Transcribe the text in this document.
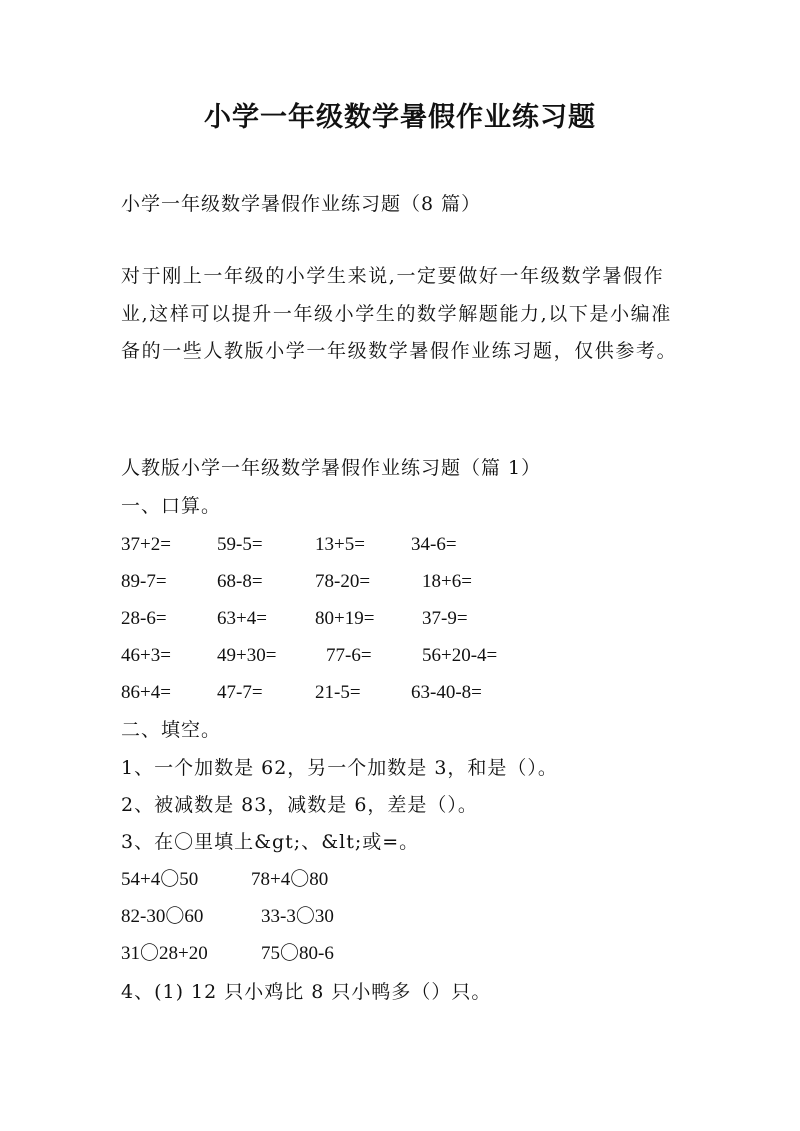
小学一年级数学暑假作业练习题
小学一年级数学暑假作业练习题（8 篇）

对于刚上一年级的小学生来说,一定要做好一年级数学暑假作业,这样可以提升一年级小学生的数学解题能力,以下是小编准备的一些人教版小学一年级数学暑假作业练习题，仅供参考。

人教版小学一年级数学暑假作业练习题（篇 1）
一、口算。
37+2= 59-5=	13+5= 34-6=
89-7=	68-8=	78-20=	18+6=
28-6=	63+4=	80+19=	37-9=
46+3= 49+30=	77-6=	56+20-4=
86+4= 47-7=	21-5=	63-40-8=
二、填空。
1、一个加数是 62，另一个加数是 3，和是（）。
2、被减数是 83，减数是 6，差是（）。
3、在〇里填上&gt;、&lt;或=。
54+4〇50	78+4〇80
82-30〇60	33-3〇30
31〇28+20	75〇80-6
4、(1) 12 只小鸡比 8 只小鸭多（）只。
